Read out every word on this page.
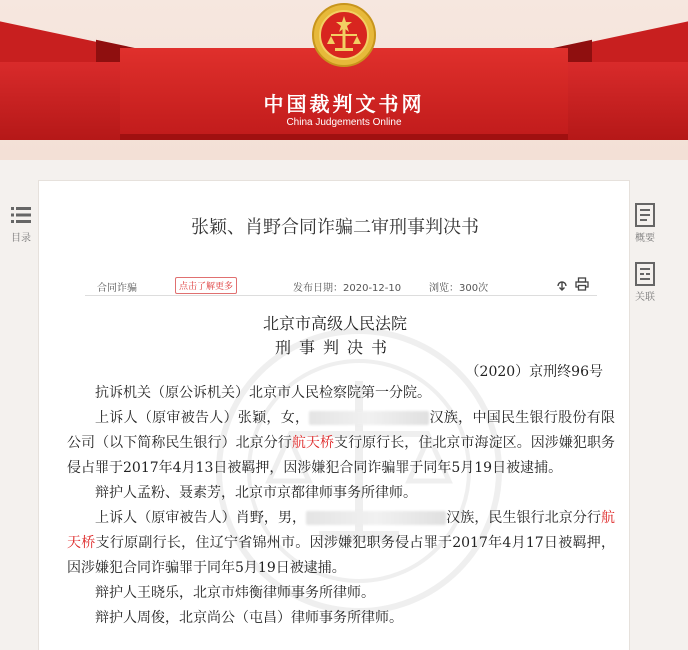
中国裁判文书网
China Judgements Online
目录	概要
关联
张颖、肖野合同诈骗二审刑事判决书
合同诈骗	点击了解更多	发布日期：2020-12-10	浏览：300次
北京市高级人民法院
刑事判决书
（2020）京刑终96号

抗诉机关（原公诉机关）北京市人民检察院第一分院。

上诉人（原审被告人）张颖，女，	汉族，中国民生银行股份有限公司（以下简称民生银行）北京分行航天桥支行原行长，住北京市海淀区。因涉嫌犯职务侵占罪于2017年4月13日被羁押，因涉嫌犯合同诈骗罪于同年5月19日被逮捕。

辩护人孟粉、聂素芳，北京市京都律师事务所律师。

上诉人（原审被告人）肖野，男，	汉族，民生银行北京分行航天桥支行原副行长，住辽宁省锦州市。因涉嫌犯职务侵占罪于2017年4月17日被羁押，因涉嫌犯合同诈骗罪于同年5月19日被逮捕。

辩护人王晓乐，北京市炜衡律师事务所律师。

辩护人周俊，北京尚公（屯昌）律师事务所律师。
